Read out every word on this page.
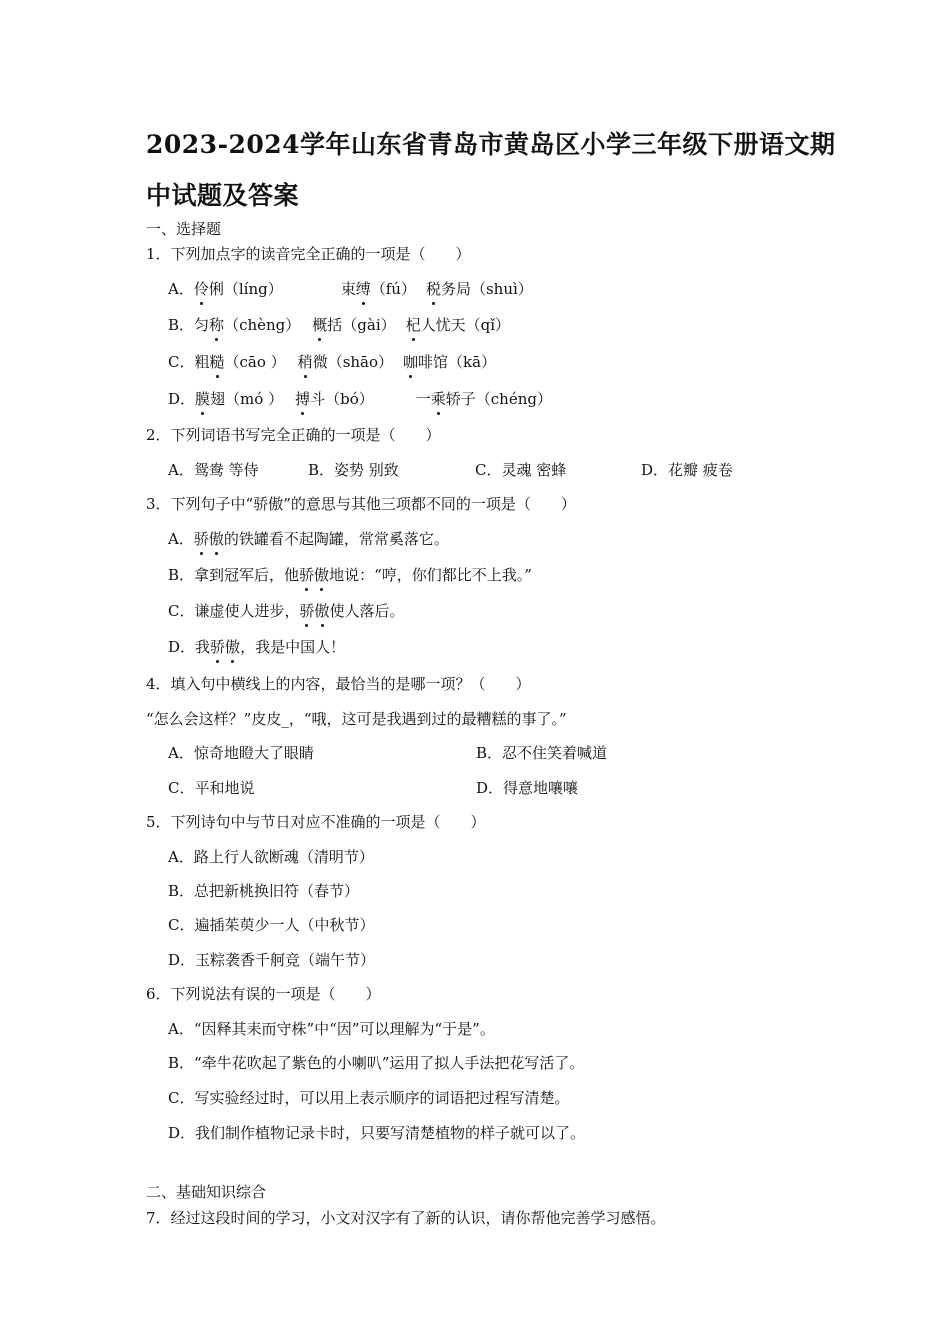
2023-2024学年山东省青岛市黄岛区小学三年级下册语文期
中试题及答案
一、选择题
1．下列加点字的读音完全正确的一项是（　　）
A．伶俐（líng）	束缚（fú） 税务局（shuì）
B．匀称（chèng） 概括（gài） 杞人忧天（qǐ）
C．粗糙（cāo ） 稍微（shāo） 咖啡馆（kā）
D．膜翅（mó ） 搏斗（bó）	一乘轿子（chéng）
2．下列词语书写完全正确的一项是（　　）
A．鸳鸯 等侍	B．姿势 别致	C．灵魂 密蜂	D．花瓣 疲卷
3．下列句子中“骄傲”的意思与其他三项都不同的一项是（　　）
A．骄傲的铁罐看不起陶罐，常常奚落它。
B．拿到冠军后，他骄傲地说：“哼，你们都比不上我。”
C．谦虚使人进步，骄傲使人落后。
D．我骄傲，我是中国人！
4．填入句中横线上的内容，最恰当的是哪一项？（　　）
“怎么会这样？”皮皮_，“哦，这可是我遇到过的最糟糕的事了。”
A．惊奇地瞪大了眼睛	B．忍不住笑着喊道
C．平和地说	D．得意地嚷嚷
5．下列诗句中与节日对应不准确的一项是（　　）
A．路上行人欲断魂（清明节）
B．总把新桃换旧符（春节）
C．遍插茱萸少一人（中秋节）
D．玉粽袭香千舸竞（端午节）
6．下列说法有误的一项是（　　）
A．“因释其耒而守株”中“因”可以理解为“于是”。
B．“牵牛花吹起了紫色的小喇叭”运用了拟人手法把花写活了。
C．写实验经过时，可以用上表示顺序的词语把过程写清楚。
D．我们制作植物记录卡时，只要写清楚植物的样子就可以了。
二、基础知识综合
7．经过这段时间的学习，小文对汉字有了新的认识，请你帮他完善学习感悟。
